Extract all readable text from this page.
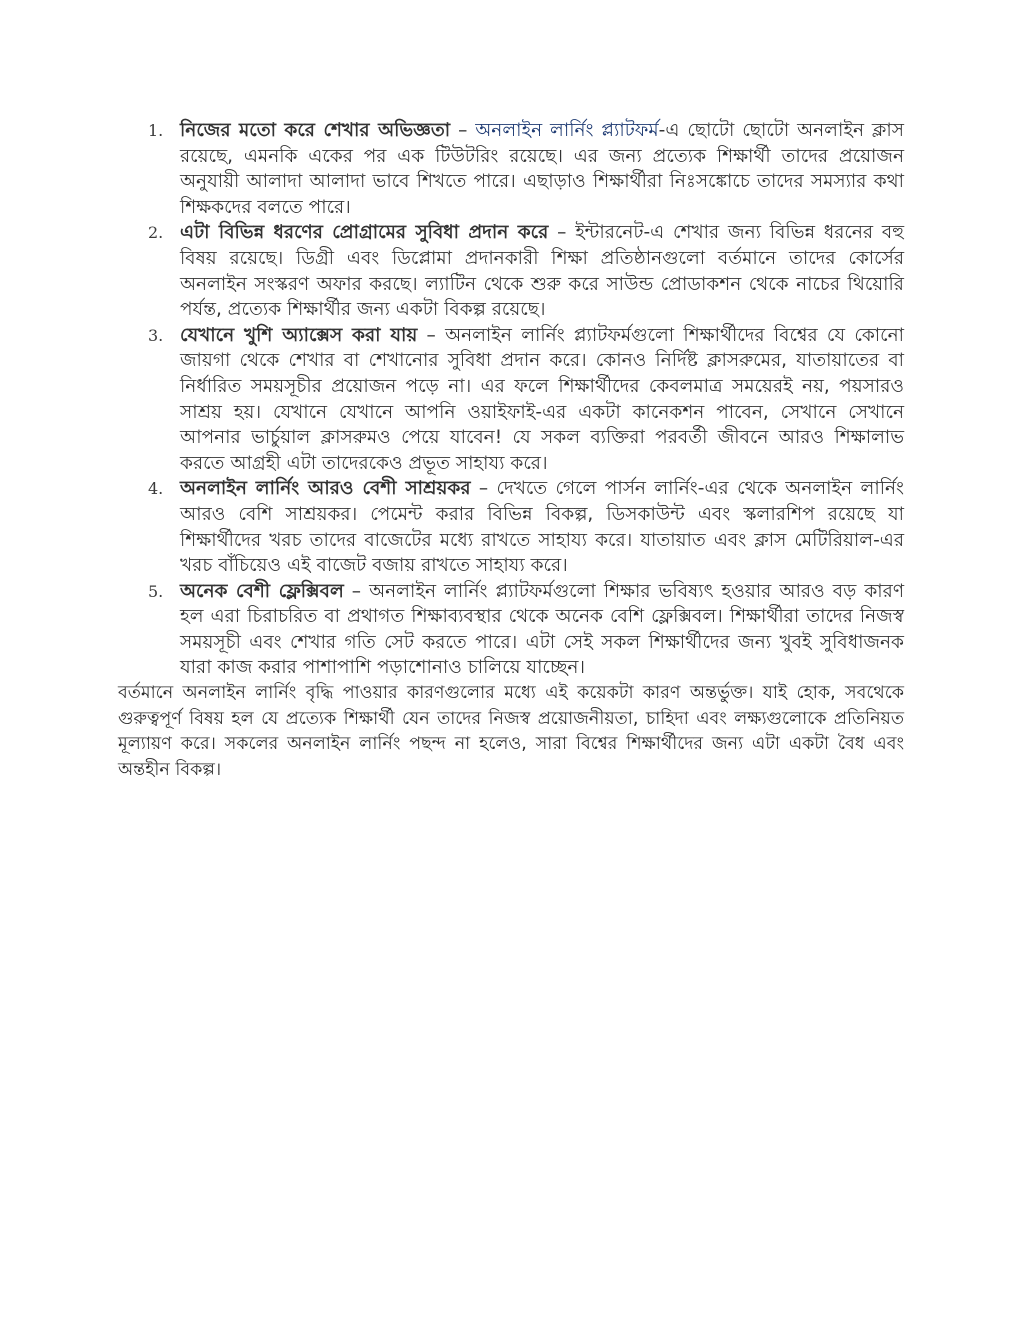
1. নিজের মতো করে শেখার অভিজ্ঞতা – অনলাইন লার্নিং প্ল্যাটফর্ম-এ ছোটো ছোটো অনলাইন ক্লাস রয়েছে, এমনকি একের পর এক টিউটরিং রয়েছে। এর জন্য প্রত্যেক শিক্ষার্থী তাদের প্রয়োজন অনুযায়ী আলাদা আলাদা ভাবে শিখতে পারে। এছাড়াও শিক্ষার্থীরা নিঃসঙ্কোচে তাদের সমস্যার কথা শিক্ষকদের বলতে পারে।
2. এটা বিভিন্ন ধরণের প্রোগ্রামের সুবিধা প্রদান করে – ইন্টারনেট-এ শেখার জন্য বিভিন্ন ধরনের বহু বিষয় রয়েছে। ডিগ্রী এবং ডিপ্লোমা প্রদানকারী শিক্ষা প্রতিষ্ঠানগুলো বর্তমানে তাদের কোর্সের অনলাইন সংস্করণ অফার করছে। ল্যাটিন থেকে শুরু করে সাউন্ড প্রোডাকশন থেকে নাচের থিয়োরি পর্যন্ত, প্রত্যেক শিক্ষার্থীর জন্য একটা বিকল্প রয়েছে।
3. যেখানে খুশি অ্যাক্সেস করা যায় – অনলাইন লার্নিং প্ল্যাটফর্মগুলো শিক্ষার্থীদের বিশ্বের যে কোনো জায়গা থেকে শেখার বা শেখানোর সুবিধা প্রদান করে। কোনও নির্দিষ্ট ক্লাসরুমের, যাতায়াতের বা নির্ধারিত সময়সূচীর প্রয়োজন পড়ে না। এর ফলে শিক্ষার্থীদের কেবলমাত্র সময়েরই নয়, পয়সারও সাশ্রয় হয়। যেখানে যেখানে আপনি ওয়াইফাই-এর একটা কানেকশন পাবেন, সেখানে সেখানে আপনার ভার্চুয়াল ক্লাসরুমও পেয়ে যাবেন! যে সকল ব্যক্তিরা পরবর্তী জীবনে আরও শিক্ষালাভ করতে আগ্রহী এটা তাদেরকেও প্রভূত সাহায্য করে।
4. অনলাইন লার্নিং আরও বেশী সাশ্রয়কর – দেখতে গেলে পার্সন লার্নিং-এর থেকে অনলাইন লার্নিং আরও বেশি সাশ্রয়কর। পেমেন্ট করার বিভিন্ন বিকল্প, ডিসকাউন্ট এবং স্কলারশিপ রয়েছে যা শিক্ষার্থীদের খরচ তাদের বাজেটের মধ্যে রাখতে সাহায্য করে। যাতায়াত এবং ক্লাস মেটিরিয়াল-এর খরচ বাঁচিয়েও এই বাজেট বজায় রাখতে সাহায্য করে।
5. অনেক বেশী ফ্লেক্সিবল – অনলাইন লার্নিং প্ল্যাটফর্মগুলো শিক্ষার ভবিষ্যৎ হওয়ার আরও বড় কারণ হল এরা চিরাচরিত বা প্রথাগত শিক্ষাব্যবস্থার থেকে অনেক বেশি ফ্লেক্সিবল। শিক্ষার্থীরা তাদের নিজস্ব সময়সূচী এবং শেখার গতি সেট করতে পারে। এটা সেই সকল শিক্ষার্থীদের জন্য খুবই সুবিধাজনক যারা কাজ করার পাশাপাশি পড়াশোনাও চালিয়ে যাচ্ছেন।

বর্তমানে অনলাইন লার্নিং বৃদ্ধি পাওয়ার কারণগুলোর মধ্যে এই কয়েকটা কারণ অন্তর্ভুক্ত। যাই হোক, সবথেকে গুরুত্বপূর্ণ বিষয় হল যে প্রত্যেক শিক্ষার্থী যেন তাদের নিজস্ব প্রয়োজনীয়তা, চাহিদা এবং লক্ষ্যগুলোকে প্রতিনিয়ত মূল্যায়ণ করে। সকলের অনলাইন লার্নিং পছন্দ না হলেও, সারা বিশ্বের শিক্ষার্থীদের জন্য এটা একটা বৈধ এবং অন্তহীন বিকল্প।
